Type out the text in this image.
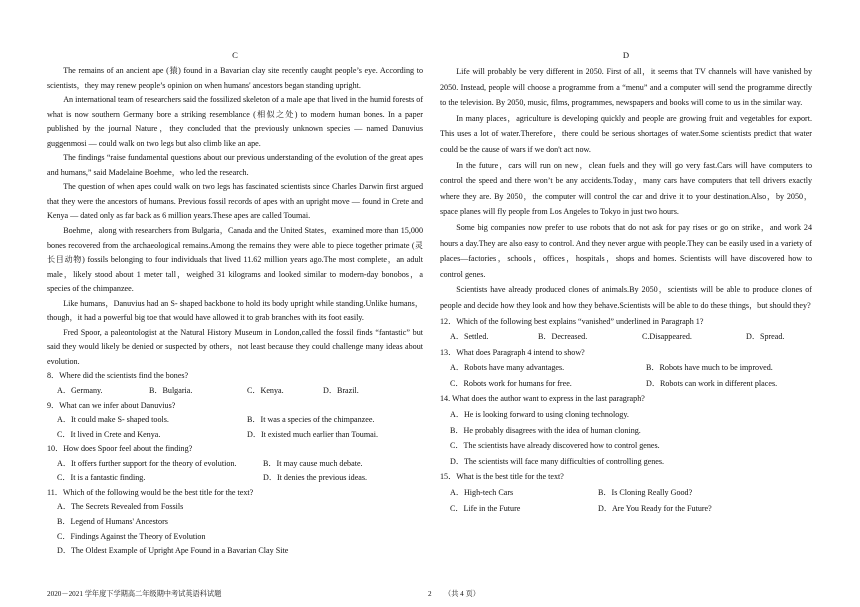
C

The remains of an ancient ape (猿) found in a Bavarian clay site recently caught people’s eye. According to scientists，they may renew people’s opinion on when humans' ancestors began standing upright.

An international team of researchers said the fossilized skeleton of a male ape that lived in the humid forests of what is now southern Germany bore a striking resemblance (相似之处) to modern human bones. In a paper published by the journal Nature，they concluded that the previously unknown species — named Danuvius guggenmosi — could walk on two legs but also climb like an ape.

The findings “raise fundamental questions about our previous understanding of the evolution of the great apes and humans,” said Madelaine Boehme，who led the research.

The question of when apes could walk on two legs has fascinated scientists since Charles Darwin first argued that they were the ancestors of humans. Previous fossil records of apes with an upright move — found in Crete and Kenya — dated only as far back as 6 million years.These apes are called Toumai.

Boehme，along with researchers from Bulgaria，Canada and the United States，examined more than 15,000 bones recovered from the archaeological remains.Among the remains they were able to piece together primate (灵长目动物) fossils belonging to four individuals that lived 11.62 million years ago.The most complete，an adult male，likely stood about 1 meter tall，weighed 31 kilograms and looked similar to modern-day bonobos，a species of the chimpanzee.

Like humans，Danuvius had an S- shaped backbone to hold its body upright while standing.Unlike humans，though，it had a powerful big toe that would have allowed it to grab branches with its foot easily.

Fred Spoor, a paleontologist at the Natural History Museum in London,called the fossil finds “fantastic” but said they would likely be denied or suspected by others，not least because they could challenge many ideas about evolution.

8．Where did the scientists find the bones?

A．Germany.	B．Bulgaria.	C．Kenya.	D．Brazil.

9．What can we infer about Danuvius?

A．It could make S- shaped tools.	B．It was a species of the chimpanzee.
C．It lived in Crete and Kenya.	D．It existed much earlier than Toumai.

10．How does Spoor feel about the finding?

A．It offers further support for the theory of evolution.	B．It may cause much debate.
C．It is a fantastic finding.	D．It denies the previous ideas.

11．Which of the following would be the best title for the text?

A．The Secrets Revealed from Fossils

B．Legend of Humans' Ancestors

C．Findings Against the Theory of Evolution

D．The Oldest Example of Upright Ape Found in a Bavarian Clay Site

D

Life will probably be very different in 2050. First of all，it seems that TV channels will have vanished by 2050. Instead, people will choose a programme from a “menu” and a computer will send the programme directly to the television. By 2050, music, films, programmes, newspapers and books will come to us in the similar way.

In many places，agriculture is developing quickly and people are growing fruit and vegetables for export. This uses a lot of water.Therefore，there could be serious shortages of water.Some scientists predict that water could be the cause of wars if we don't act now.

In the future，cars will run on new，clean fuels and they will go very fast.Cars will have computers to control the speed and there won’t be any accidents.Today，many cars have computers that tell drivers exactly where they are. By 2050，the computer will control the car and drive it to your destination.Also，by 2050，space planes will fly people from Los Angeles to Tokyo in just two hours.

Some big companies now prefer to use robots that do not ask for pay rises or go on strike，and work 24 hours a day.They are also easy to control. And they never argue with people.They can be easily used in a variety of places—factories，schools，offices，hospitals，shops and homes. Scientists will have discovered how to control genes.

Scientists have already produced clones of animals.By 2050，scientists will be able to produce clones of people and decide how they look and how they behave.Scientists will be able to do these things，but should they?

12．Which of the following best explains “vanished” underlined in Paragraph 1?

A．Settled.	B．Decreased.	C.Disappeared.	D．Spread.

13．What does Paragraph 4 intend to show?

A．Robots have many advantages.	B．Robots have much to be improved.
C．Robots work for humans for free.	D．Robots can work in different places.

14. What does the author want to express in the last paragraph?

A．He is looking forward to using cloning technology.

B．He probably disagrees with the idea of human cloning.

C．The scientists have already discovered how to control genes.

D．The scientists will face many difficulties of controlling genes.

15．What is the best title for the text?

A．High-tech Cars	B．Is Cloning Really Good?
C．Life in the Future	D．Are You Ready for the Future?
2020－2021 学年度下学期高二年级期中考试英语科试题	2 （共 4 页）
